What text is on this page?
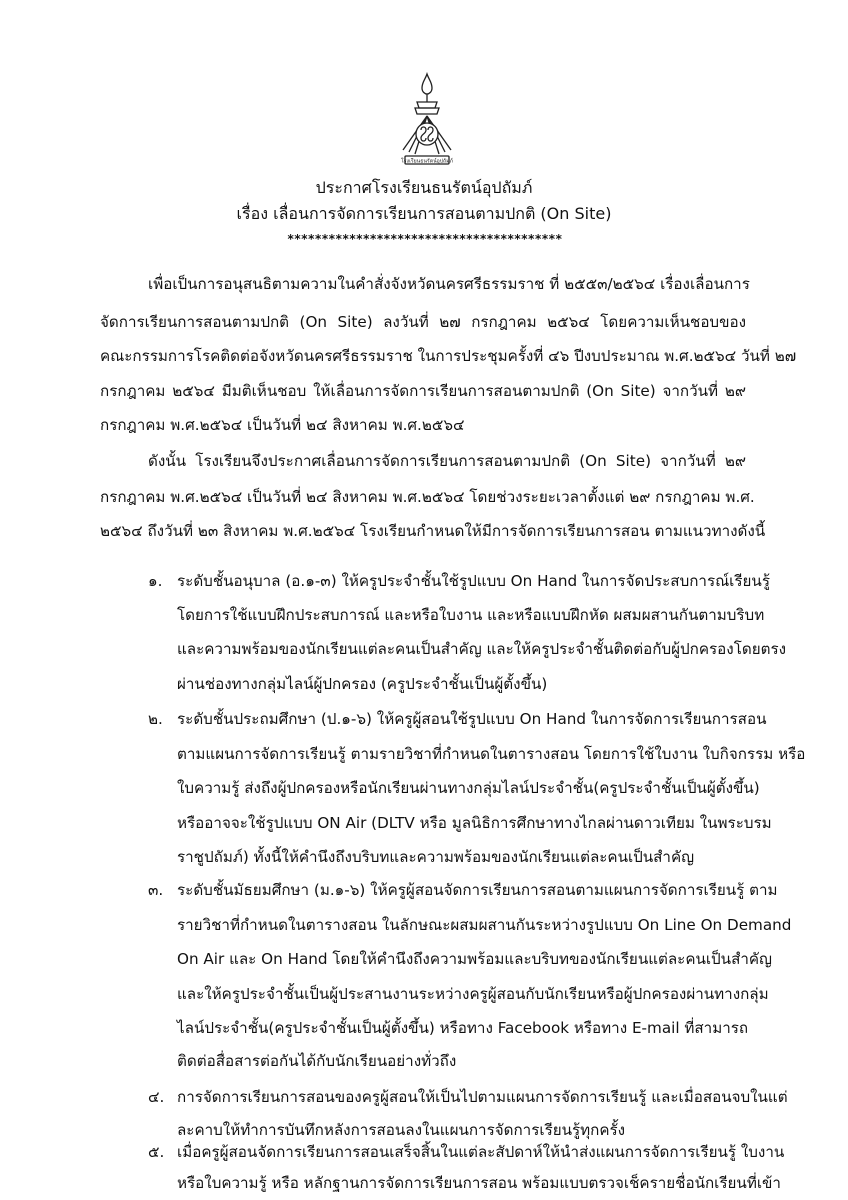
โรงเรียนธนรัตน์อุปถัมภ์
ประกาศโรงเรียนธนรัตน์อุปถัมภ์
เรื่อง เลื่อนการจัดการเรียนการสอนตามปกติ (On Site)
****************************************
เพื่อเป็นการอนุสนธิตามความในคำสั่งจังหวัดนครศรีธรรมราช ที่ ๒๕๕๓/๒๕๖๔ เรื่องเลื่อนการ
จัดการเรียนการสอนตามปกติ (On Site) ลงวันที่ ๒๗ กรกฎาคม ๒๕๖๔ โดยความเห็นชอบของ
คณะกรรมการโรคติดต่อจังหวัดนครศรีธรรมราช ในการประชุมครั้งที่ ๔๖ ปีงบประมาณ พ.ศ.๒๕๖๔ วันที่ ๒๗
กรกฎาคม ๒๕๖๔ มีมติเห็นชอบ ให้เลื่อนการจัดการเรียนการสอนตามปกติ (On Site) จากวันที่ ๒๙
กรกฎาคม พ.ศ.๒๕๖๔ เป็นวันที่ ๒๔ สิงหาคม พ.ศ.๒๕๖๔
ดังนั้น โรงเรียนจึงประกาศเลื่อนการจัดการเรียนการสอนตามปกติ (On Site) จากวันที่ ๒๙
กรกฎาคม พ.ศ.๒๕๖๔ เป็นวันที่ ๒๔ สิงหาคม พ.ศ.๒๕๖๔ โดยช่วงระยะเวลาตั้งแต่ ๒๙ กรกฎาคม พ.ศ.
๒๕๖๔ ถึงวันที่ ๒๓ สิงหาคม พ.ศ.๒๕๖๔ โรงเรียนกำหนดให้มีการจัดการเรียนการสอน ตามแนวทางดังนี้
๑. ระดับชั้นอนุบาล (อ.๑-๓) ให้ครูประจำชั้นใช้รูปแบบ On Hand ในการจัดประสบการณ์เรียนรู้
โดยการใช้แบบฝึกประสบการณ์ และหรือใบงาน และหรือแบบฝึกหัด ผสมผสานกันตามบริบท
และความพร้อมของนักเรียนแต่ละคนเป็นสำคัญ และให้ครูประจำชั้นติดต่อกับผู้ปกครองโดยตรง
ผ่านช่องทางกลุ่มไลน์ผู้ปกครอง (ครูประจำชั้นเป็นผู้ตั้งขึ้น)
๒. ระดับชั้นประถมศึกษา (ป.๑-๖) ให้ครูผู้สอนใช้รูปแบบ On Hand ในการจัดการเรียนการสอน
ตามแผนการจัดการเรียนรู้ ตามรายวิชาที่กำหนดในตารางสอน โดยการใช้ใบงาน ใบกิจกรรม หรือ
ใบความรู้ ส่งถึงผู้ปกครองหรือนักเรียนผ่านทางกลุ่มไลน์ประจำชั้น(ครูประจำชั้นเป็นผู้ตั้งขึ้น)
หรืออาจจะใช้รูปแบบ ON Air (DLTV หรือ มูลนิธิการศึกษาทางไกลผ่านดาวเทียม ในพระบรม
ราชูปถัมภ์) ทั้งนี้ให้คำนึงถึงบริบทและความพร้อมของนักเรียนแต่ละคนเป็นสำคัญ
๓. ระดับชั้นมัธยมศึกษา (ม.๑-๖) ให้ครูผู้สอนจัดการเรียนการสอนตามแผนการจัดการเรียนรู้ ตาม
รายวิชาที่กำหนดในตารางสอน ในลักษณะผสมผสานกันระหว่างรูปแบบ On Line On Demand
On Air และ On Hand โดยให้คำนึงถึงความพร้อมและบริบทของนักเรียนแต่ละคนเป็นสำคัญ
และให้ครูประจำชั้นเป็นผู้ประสานงานระหว่างครูผู้สอนกับนักเรียนหรือผู้ปกครองผ่านทางกลุ่ม
ไลน์ประจำชั้น(ครูประจำชั้นเป็นผู้ตั้งขึ้น) หรือทาง Facebook หรือทาง E-mail ที่สามารถ
ติดต่อสื่อสารต่อกันได้กับนักเรียนอย่างทั่วถึง
๔. การจัดการเรียนการสอนของครูผู้สอนให้เป็นไปตามแผนการจัดการเรียนรู้ และเมื่อสอนจบในแต่
ละคาบให้ทำการบันทึกหลังการสอนลงในแผนการจัดการเรียนรู้ทุกครั้ง
๕. เมื่อครูผู้สอนจัดการเรียนการสอนเสร็จสิ้นในแต่ละสัปดาห์ให้นำส่งแผนการจัดการเรียนรู้ ใบงาน
หรือใบความรู้ หรือ หลักฐานการจัดการเรียนการสอน พร้อมแบบตรวจเช็ครายชื่อนักเรียนที่เข้า
